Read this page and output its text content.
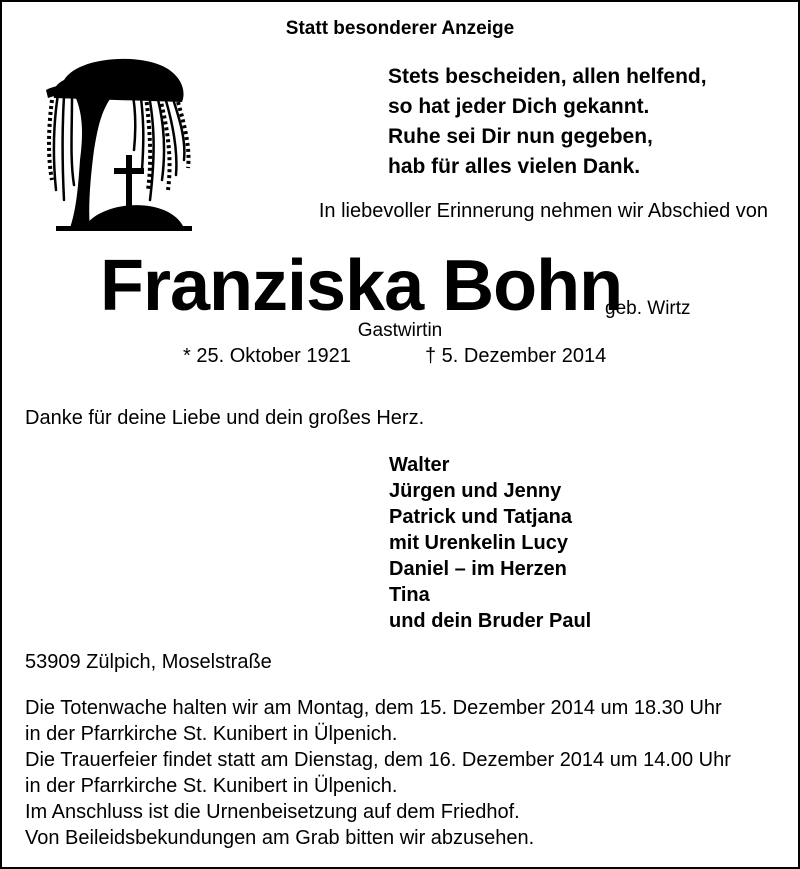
Statt besonderer Anzeige
Stets bescheiden, allen helfend,
so hat jeder Dich gekannt.
Ruhe sei Dir nun gegeben,
hab für alles vielen Dank.
In liebevoller Erinnerung nehmen wir Abschied von
Franziska Bohn
geb. Wirtz
Gastwirtin
* 25. Oktober 1921	† 5. Dezember 2014
Danke für deine Liebe und dein großes Herz.
Walter
Jürgen und Jenny
Patrick und Tatjana
mit Urenkelin Lucy
Daniel – im Herzen
Tina
und dein Bruder Paul
53909 Zülpich, Moselstraße
Die Totenwache halten wir am Montag, dem 15. Dezember 2014 um 18.30 Uhr
in der Pfarrkirche St. Kunibert in Ülpenich.
Die Trauerfeier findet statt am Dienstag, dem 16. Dezember 2014 um 14.00 Uhr
in der Pfarrkirche St. Kunibert in Ülpenich.
Im Anschluss ist die Urnenbeisetzung auf dem Friedhof.
Von Beileidsbekundungen am Grab bitten wir abzusehen.
